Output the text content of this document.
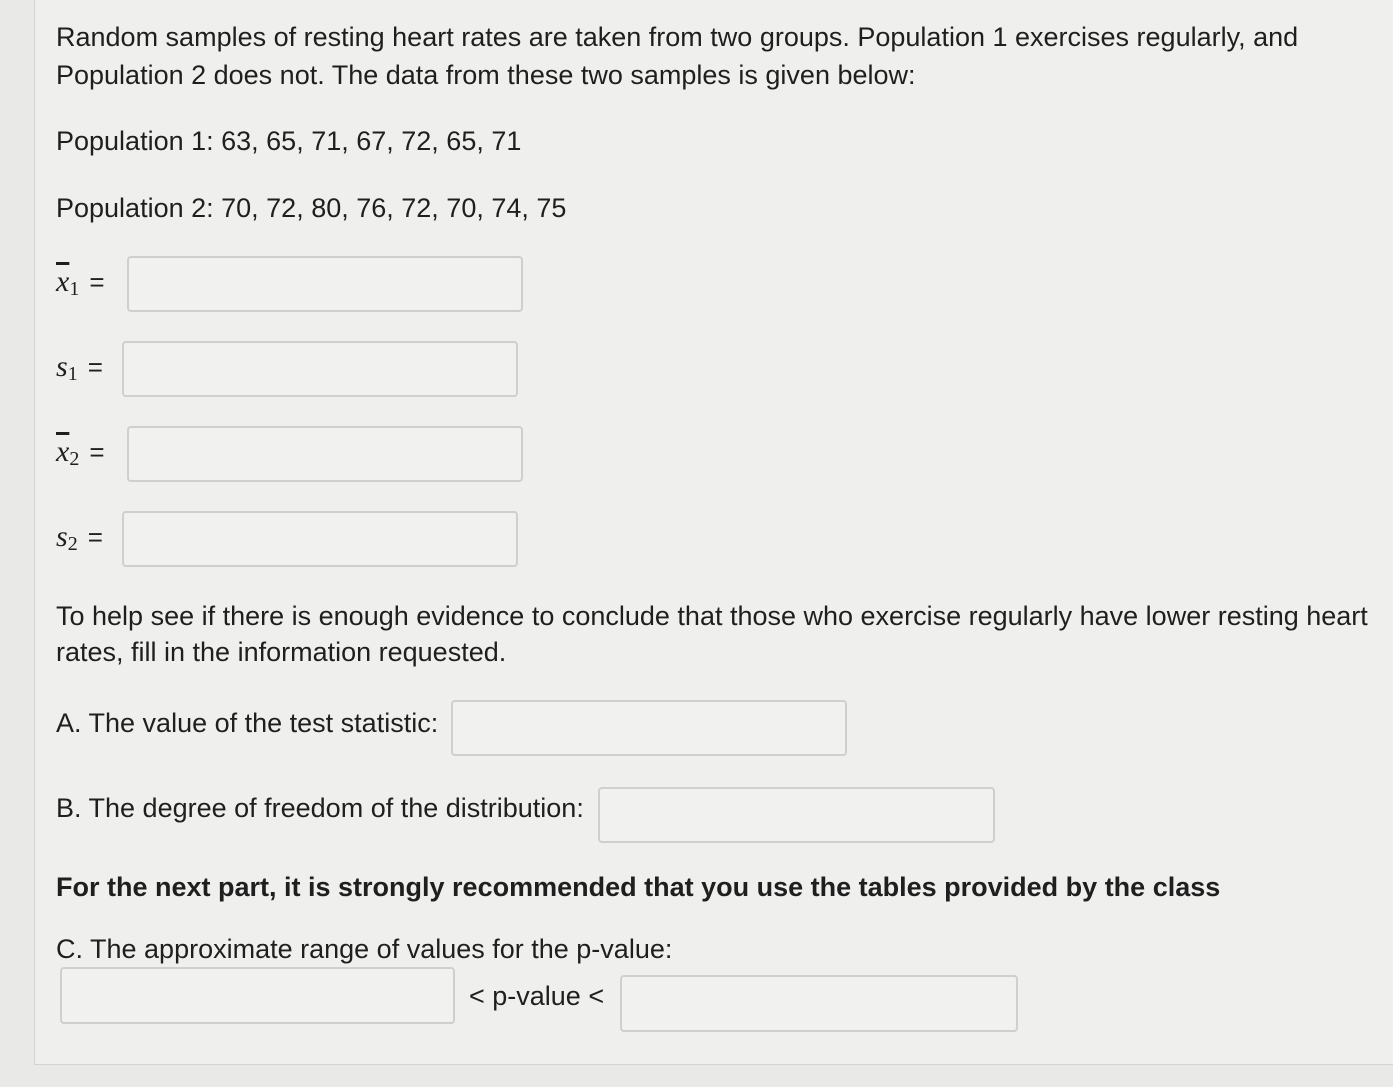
Random samples of resting heart rates are taken from two groups. Population 1 exercises regularly, and Population 2 does not. The data from these two samples is given below:

Population 1: 63, 65, 71, 67, 72, 65, 71

Population 2: 70, 72, 80, 76, 72, 70, 74, 75

$\overline{x}_1$ =
$s_1$ =
$\overline{x}_2$ =
$s_2$ =

To help see if there is enough evidence to conclude that those who exercise regularly have lower resting heart rates, fill in the information requested.

A. The value of the test statistic:

B. The degree of freedom of the distribution:

For the next part, it is strongly recommended that you use the tables provided by the class

C. The approximate range of values for the p-value:

< p-value <
